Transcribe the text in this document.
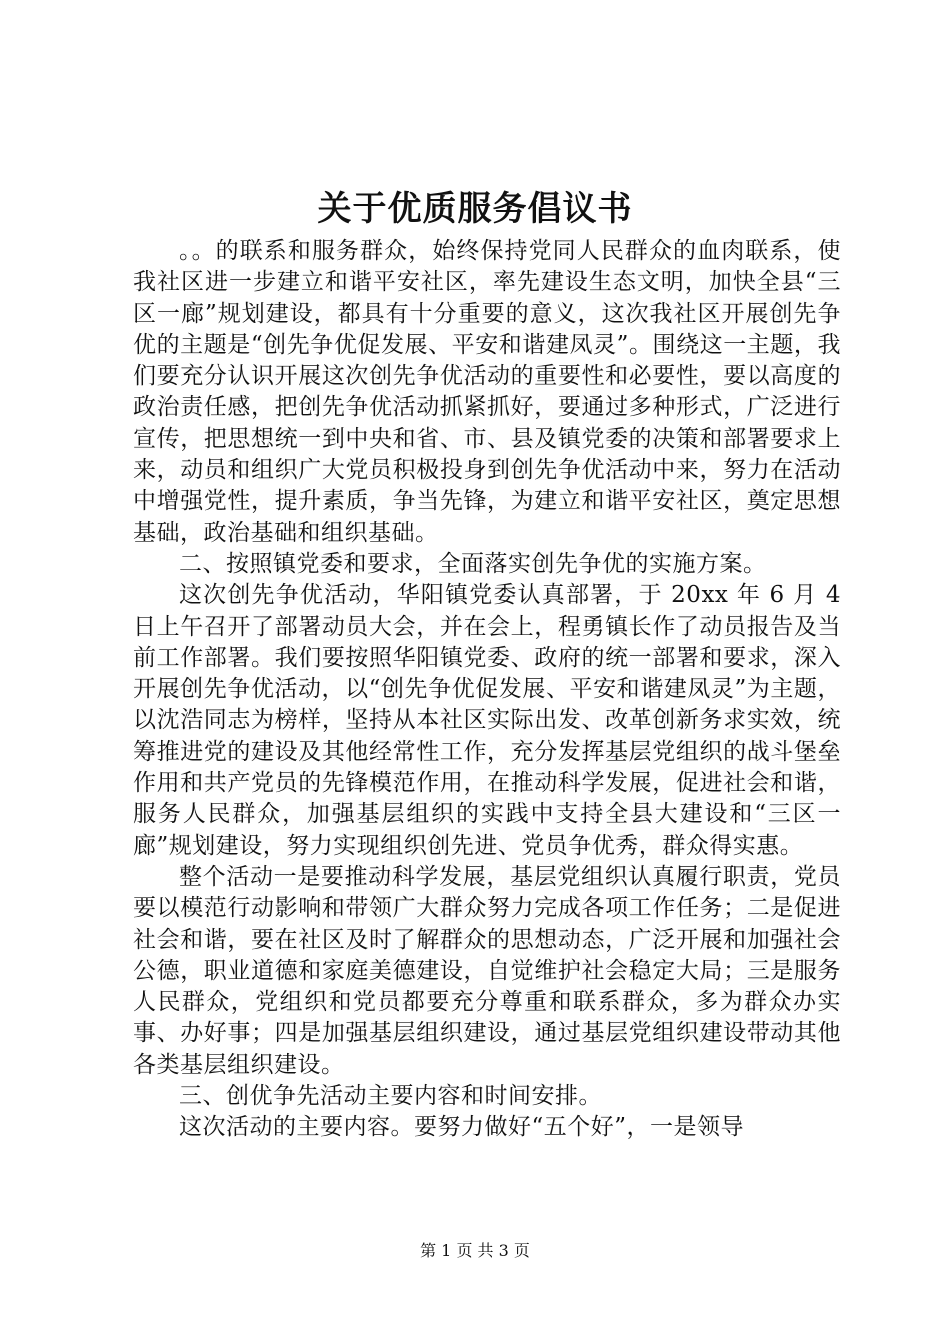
关于优质服务倡议书

。。的联系和服务群众，始终保持党同人民群众的血肉联系，使我社区进一步建立和谐平安社区，率先建设生态文明，加快全县“三区一廊”规划建设，都具有十分重要的意义，这次我社区开展创先争优的主题是“创先争优促发展、平安和谐建凤灵”。围绕这一主题，我们要充分认识开展这次创先争优活动的重要性和必要性，要以高度的政治责任感，把创先争优活动抓紧抓好，要通过多种形式，广泛进行宣传，把思想统一到中央和省、市、县及镇党委的决策和部署要求上来，动员和组织广大党员积极投身到创先争优活动中来，努力在活动中增强党性，提升素质，争当先锋，为建立和谐平安社区，奠定思想基础，政治基础和组织基础。

二、按照镇党委和要求，全面落实创先争优的实施方案。

这次创先争优活动，华阳镇党委认真部署，于 20xx 年 6 月 4 日上午召开了部署动员大会，并在会上，程勇镇长作了动员报告及当前工作部署。我们要按照华阳镇党委、政府的统一部署和要求，深入开展创先争优活动，以“创先争优促发展、平安和谐建凤灵”为主题，以沈浩同志为榜样，坚持从本社区实际出发、改革创新务求实效，统筹推进党的建设及其他经常性工作，充分发挥基层党组织的战斗堡垒作用和共产党员的先锋模范作用，在推动科学发展，促进社会和谐，服务人民群众，加强基层组织的实践中支持全县大建设和“三区一廊”规划建设，努力实现组织创先进、党员争优秀，群众得实惠。

整个活动一是要推动科学发展，基层党组织认真履行职责，党员要以模范行动影响和带领广大群众努力完成各项工作任务；二是促进社会和谐，要在社区及时了解群众的思想动态，广泛开展和加强社会公德，职业道德和家庭美德建设，自觉维护社会稳定大局；三是服务人民群众，党组织和党员都要充分尊重和联系群众，多为群众办实事、办好事；四是加强基层组织建设，通过基层党组织建设带动其他各类基层组织建设。

三、创优争先活动主要内容和时间安排。

这次活动的主要内容。要努力做好“五个好”，一是领导

第 1 页 共 3 页
